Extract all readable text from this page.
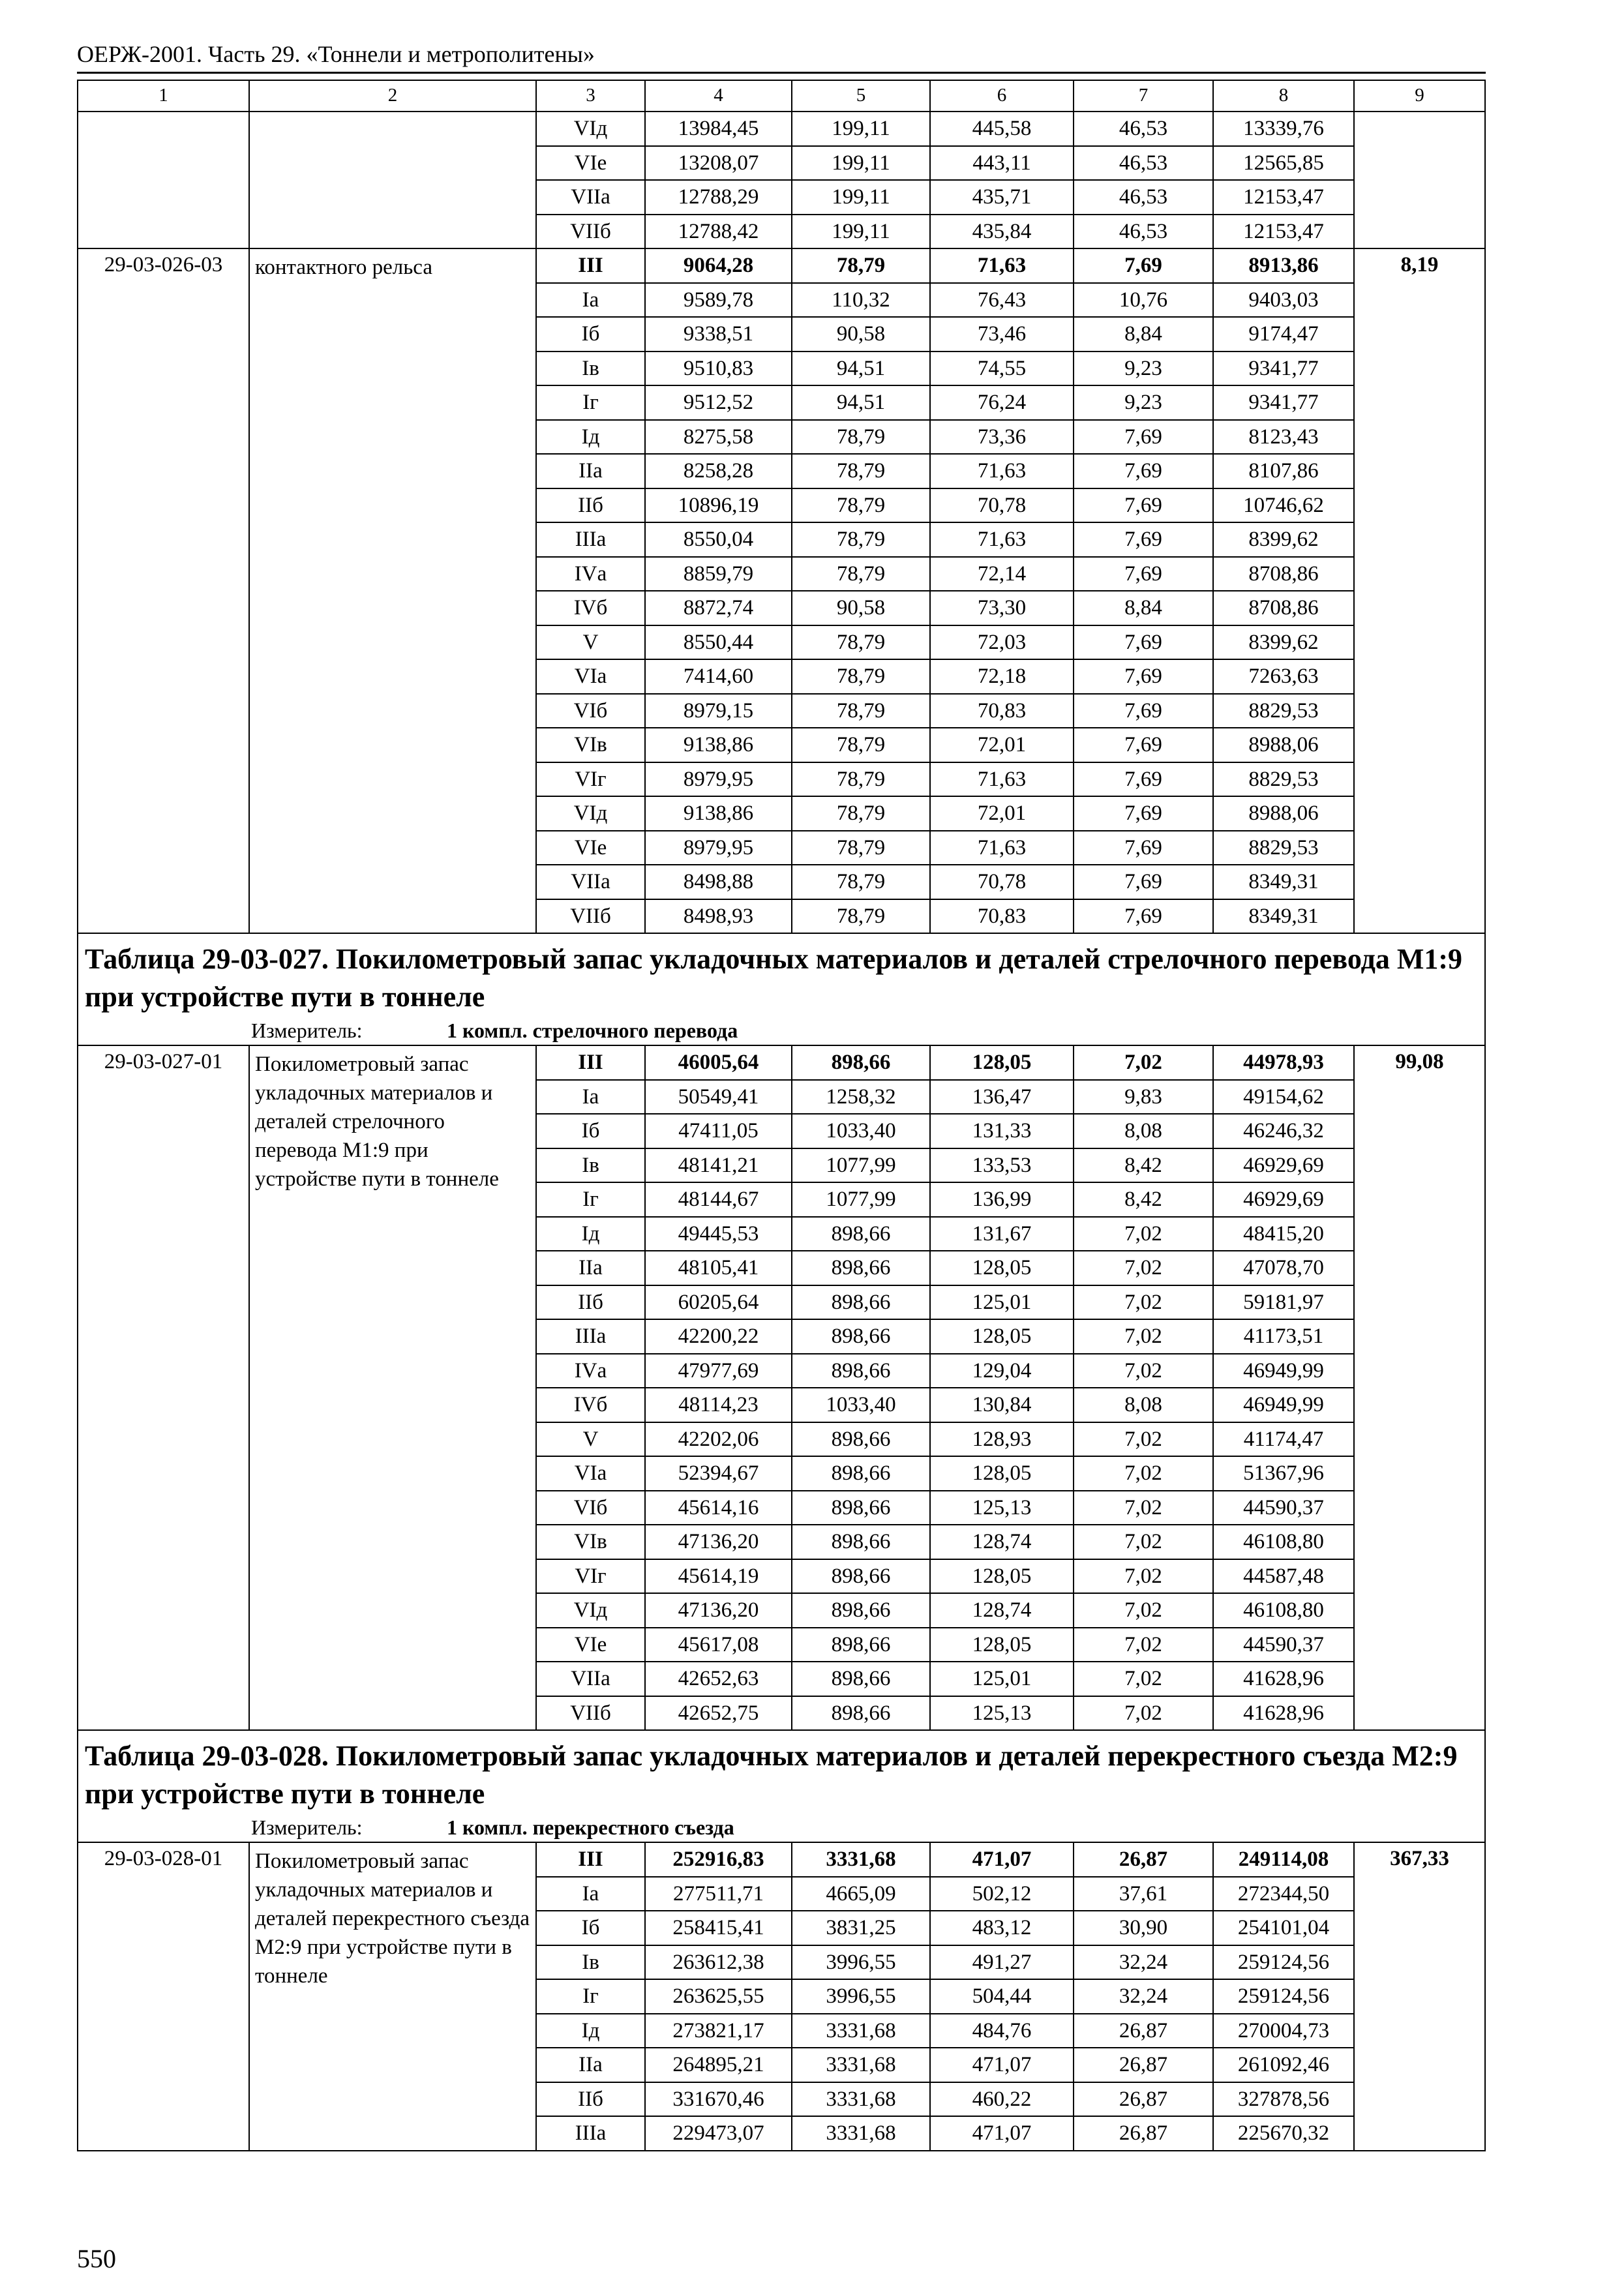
ОЕРЖ-2001. Часть 29. «Тоннели и метрополитены»
1	2	3	4	5	6	7	8	9
		VIд	13984,45	199,11	445,58	46,53	13339,76	
		VIе	13208,07	199,11	443,11	46,53	12565,85	
		VIIа	12788,29	199,11	435,71	46,53	12153,47	
		VIIб	12788,42	199,11	435,84	46,53	12153,47	
29-03-026-03	контактного рельса	III	9064,28	78,79	71,63	7,69	8913,86	8,19
		Iа	9589,78	110,32	76,43	10,76	9403,03	
		Iб	9338,51	90,58	73,46	8,84	9174,47	
		Iв	9510,83	94,51	74,55	9,23	9341,77	
		Iг	9512,52	94,51	76,24	9,23	9341,77	
		Iд	8275,58	78,79	73,36	7,69	8123,43	
		IIа	8258,28	78,79	71,63	7,69	8107,86	
		IIб	10896,19	78,79	70,78	7,69	10746,62	
		IIIа	8550,04	78,79	71,63	7,69	8399,62	
		IVа	8859,79	78,79	72,14	7,69	8708,86	
		IVб	8872,74	90,58	73,30	8,84	8708,86	
		V	8550,44	78,79	72,03	7,69	8399,62	
		VIа	7414,60	78,79	72,18	7,69	7263,63	
		VIб	8979,15	78,79	70,83	7,69	8829,53	
		VIв	9138,86	78,79	72,01	7,69	8988,06	
		VIг	8979,95	78,79	71,63	7,69	8829,53	
		VIд	9138,86	78,79	72,01	7,69	8988,06	
		VIе	8979,95	78,79	71,63	7,69	8829,53	
		VIIа	8498,88	78,79	70,78	7,69	8349,31	
		VIIб	8498,93	78,79	70,83	7,69	8349,31	
Таблица 29-03-027. Покилометровый запас укладочных материалов и деталей стрелочного перевода М1:9 при устройстве пути в тоннеле								
Измеритель: 1 компл. стрелочного перевода								
29-03-027-01	Покилометровый запас укладочных материалов и деталей стрелочного перевода М1:9 при устройстве пути в тоннеле	III	46005,64	898,66	128,05	7,02	44978,93	99,08
		Iа	50549,41	1258,32	136,47	9,83	49154,62	
		Iб	47411,05	1033,40	131,33	8,08	46246,32	
		Iв	48141,21	1077,99	133,53	8,42	46929,69	
		Iг	48144,67	1077,99	136,99	8,42	46929,69	
		Iд	49445,53	898,66	131,67	7,02	48415,20	
		IIа	48105,41	898,66	128,05	7,02	47078,70	
		IIб	60205,64	898,66	125,01	7,02	59181,97	
		IIIа	42200,22	898,66	128,05	7,02	41173,51	
		IVа	47977,69	898,66	129,04	7,02	46949,99	
		IVб	48114,23	1033,40	130,84	8,08	46949,99	
		V	42202,06	898,66	128,93	7,02	41174,47	
		VIа	52394,67	898,66	128,05	7,02	51367,96	
		VIб	45614,16	898,66	125,13	7,02	44590,37	
		VIв	47136,20	898,66	128,74	7,02	46108,80	
		VIг	45614,19	898,66	128,05	7,02	44587,48	
		VIд	47136,20	898,66	128,74	7,02	46108,80	
		VIе	45617,08	898,66	128,05	7,02	44590,37	
		VIIа	42652,63	898,66	125,01	7,02	41628,96	
		VIIб	42652,75	898,66	125,13	7,02	41628,96	
Таблица 29-03-028. Покилометровый запас укладочных материалов и деталей перекрестного съезда М2:9 при устройстве пути в тоннеле								
Измеритель: 1 компл. перекрестного съезда								
29-03-028-01	Покилометровый запас укладочных материалов и деталей перекрестного съезда М2:9 при устройстве пути в тоннеле	III	252916,83	3331,68	471,07	26,87	249114,08	367,33
		Iа	277511,71	4665,09	502,12	37,61	272344,50	
		Iб	258415,41	3831,25	483,12	30,90	254101,04	
		Iв	263612,38	3996,55	491,27	32,24	259124,56	
		Iг	263625,55	3996,55	504,44	32,24	259124,56	
		Iд	273821,17	3331,68	484,76	26,87	270004,73	
		IIа	264895,21	3331,68	471,07	26,87	261092,46	
		IIб	331670,46	3331,68	460,22	26,87	327878,56	
		IIIа	229473,07	3331,68	471,07	26,87	225670,32	
550
